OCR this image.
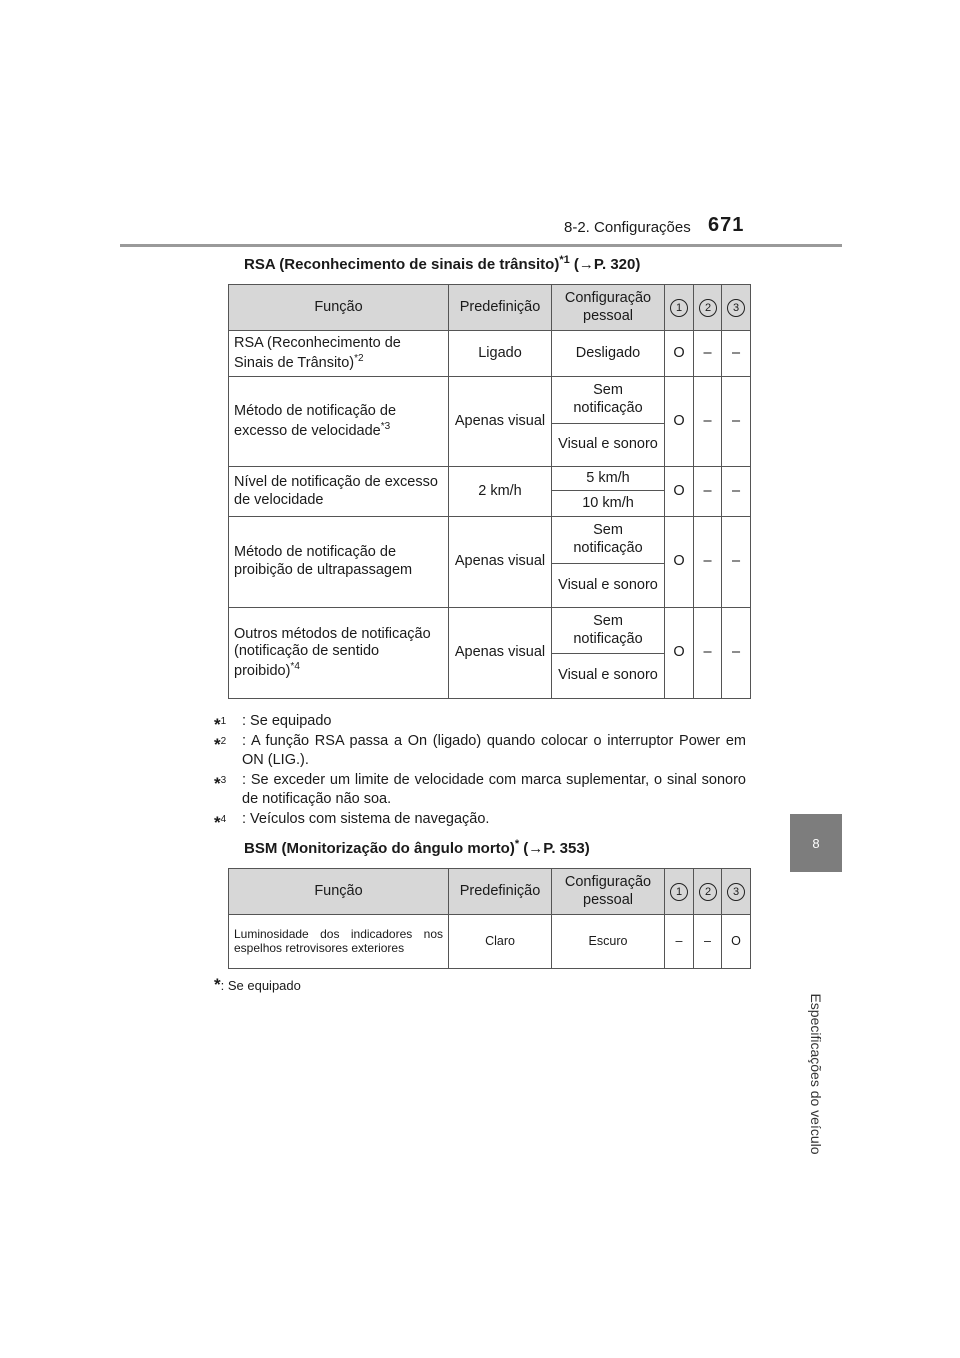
8-2. Configurações 671
8
Especificações do veículo
RSA (Reconhecimento de sinais de trânsito)$^{*1}$ (→P. 320)
Função	Predefinição	Configuração pessoal	1	2	3
RSA (Reconhecimento de Sinais de Trânsito)$^{*2}$	Ligado	Desligado	O	–	–
Método de notificação de excesso de velocidade$^{*3}$	Apenas visual	Sem notificação	O	–	–
		Visual e sonoro			
Nível de notificação de excesso de velocidade	2 km/h	5 km/h	O	–	–
		10 km/h			
Método de notificação de proibição de ultrapassagem	Apenas visual	Sem notificação	O	–	–
		Visual e sonoro			
Outros métodos de notificação (notificação de sentido proibido)$^{*4}$	Apenas visual	Sem notificação	O	–	–
		Visual e sonoro			
*$^1$ : Se equipado
*$^2$ : A função RSA passa a On (ligado) quando colocar o interruptor Power em ON (LIG.).
*$^3$ : Se exceder um limite de velocidade com marca suplementar, o sinal sonoro de notificação não soa.
*$^4$ : Veículos com sistema de navegação.
BSM (Monitorização do ângulo morto)* (→P. 353)
Função	Predefinição	Configuração pessoal	1	2	3
Luminosidade dos indicadores nos espelhos retrovisores exteriores	Claro	Escuro	–	–	O
*: Se equipado
